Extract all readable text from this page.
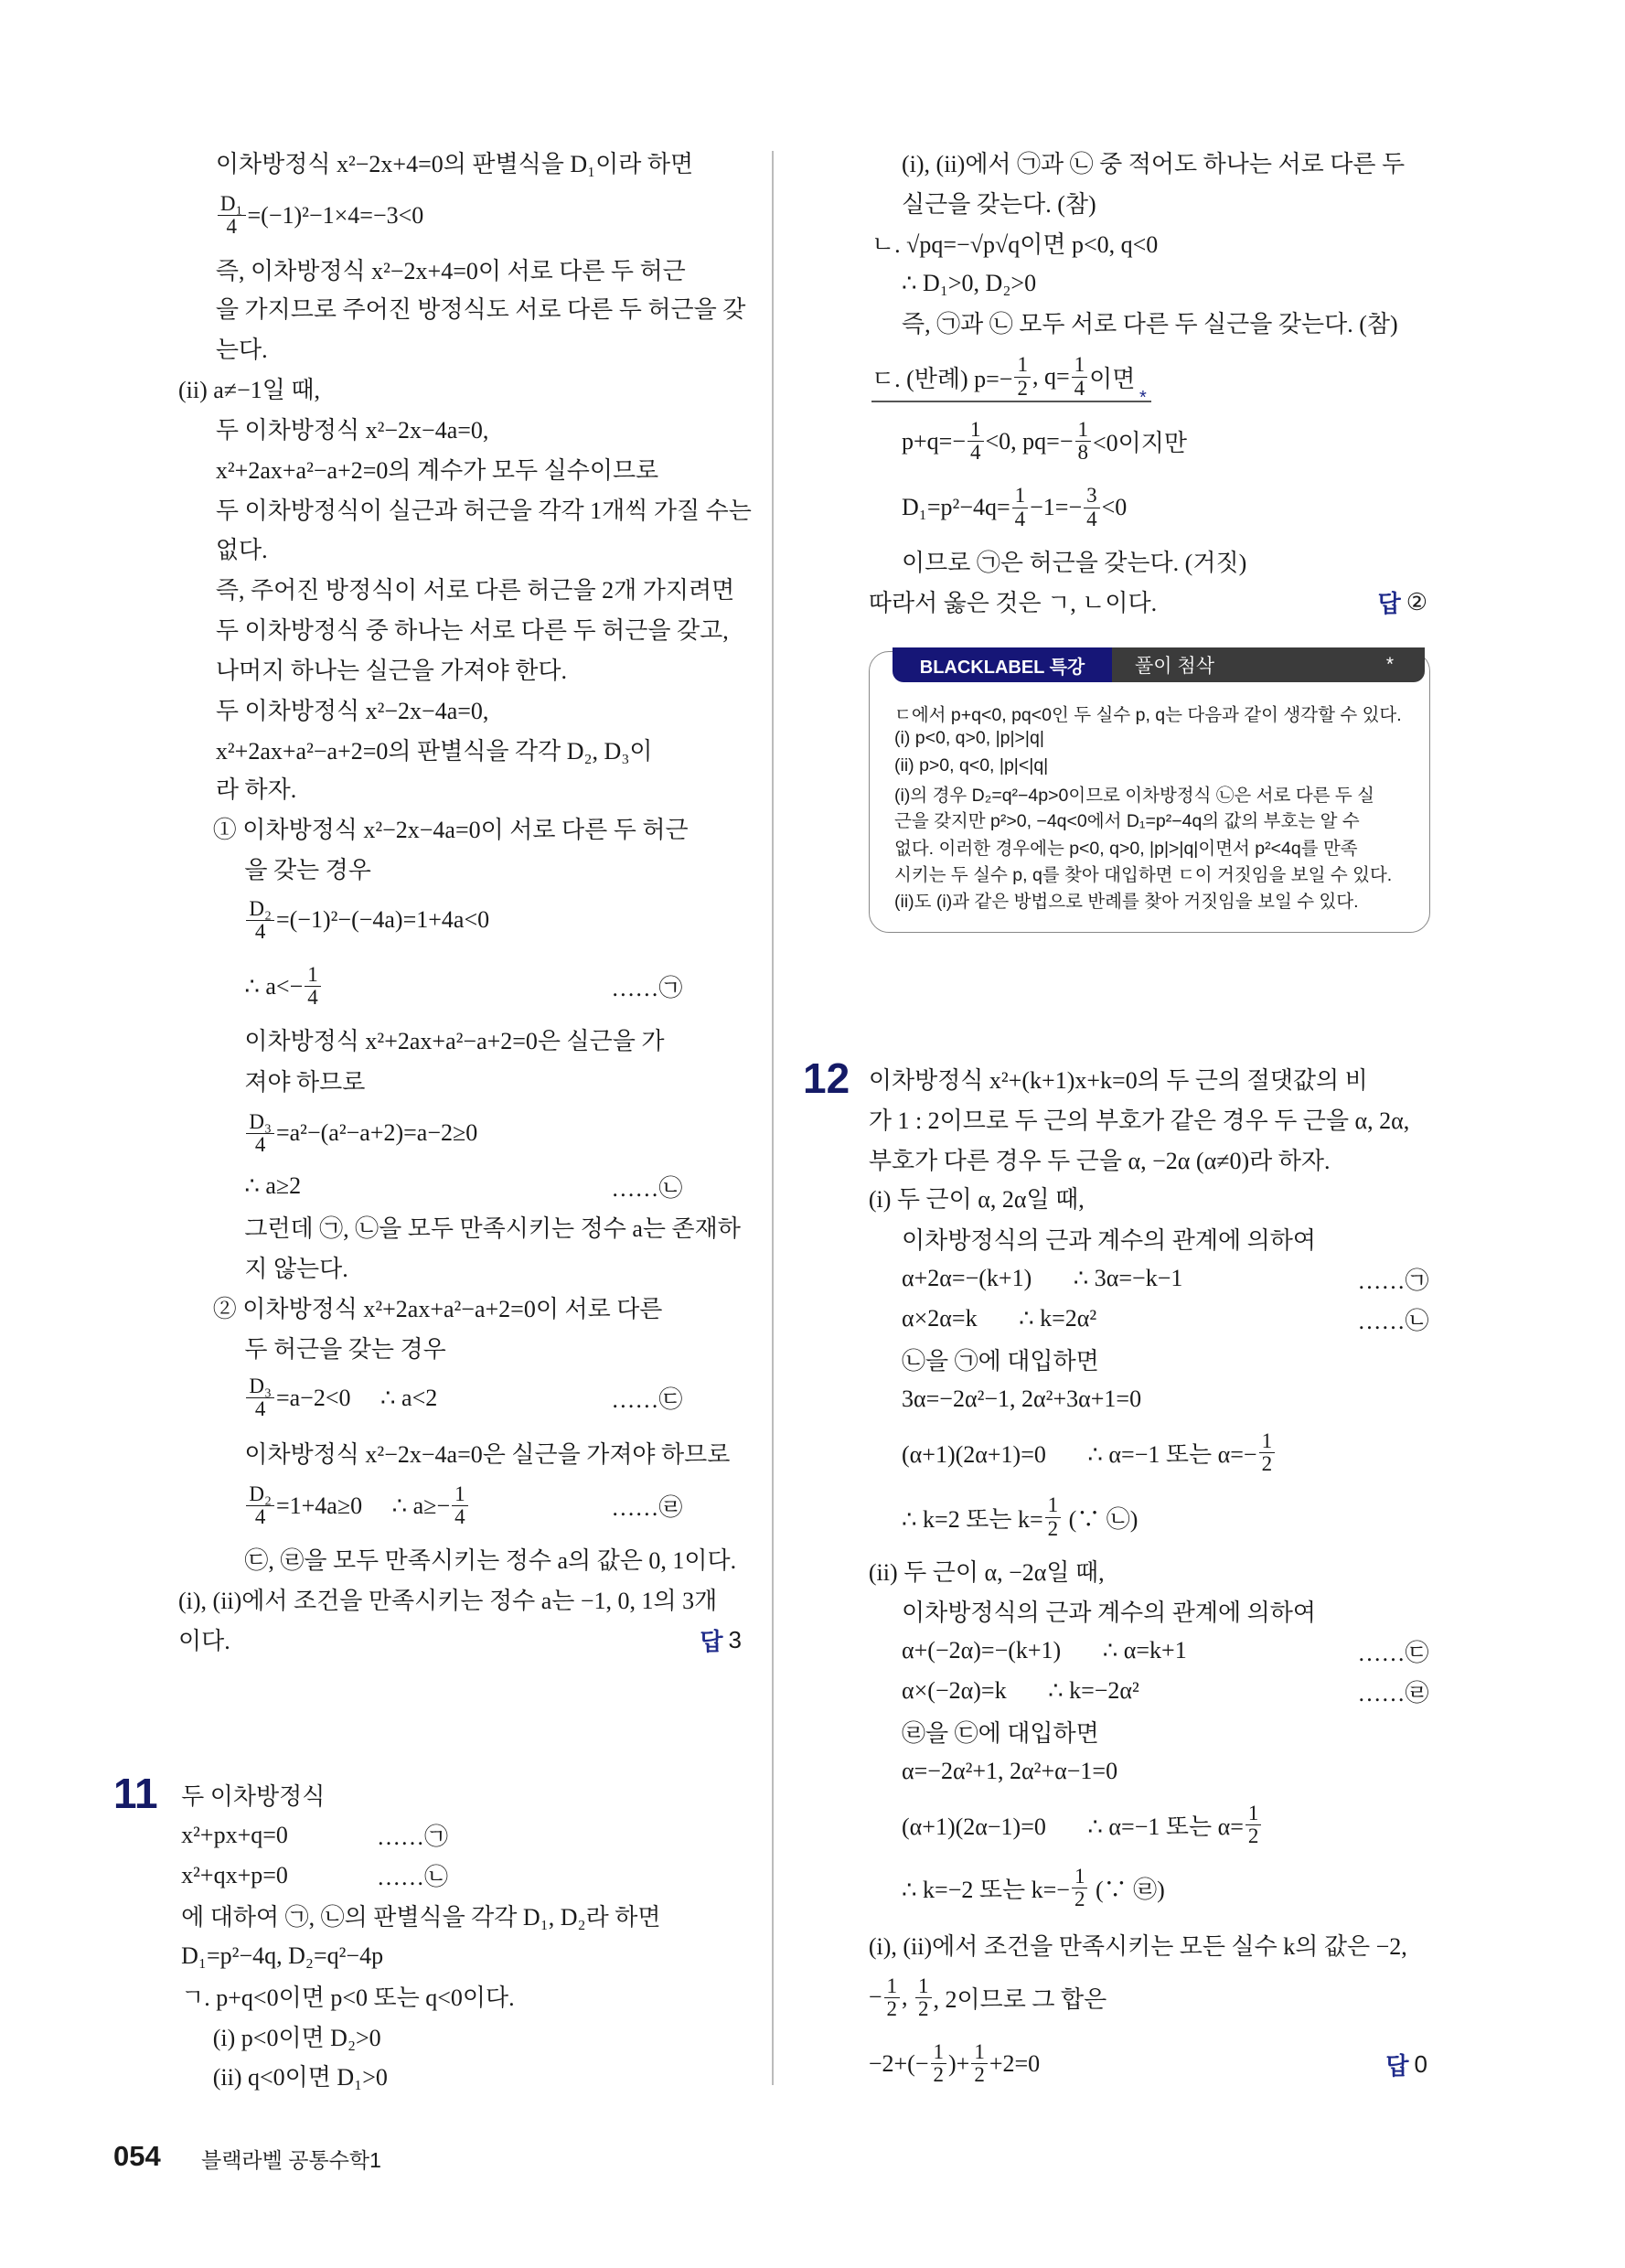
이차방정식 x²−2x+4=0의 판별식을 D₁이라 하면
$\frac{\text{D₁}}{4} =(-1)^2-1\times 4=-3<0$
즉, 이차방정식 x²−2x+4=0이 서로 다른 두 허근
을 가지므로 주어진 방정식도 서로 다른 두 허근을 갖
는다.
(ii) a≠−1일 때,
두 이차방정식 x²−2x−4a=0,
x²+2ax+a²−a+2=0의 계수가 모두 실수이므로
두 이차방정식이 실근과 허근을 각각 1개씩 가질 수는
없다.
즉, 주어진 방정식이 서로 다른 허근을 2개 가지려면
두 이차방정식 중 하나는 서로 다른 두 허근을 갖고,
나머지 하나는 실근을 가져야 한다.
두 이차방정식 x²−2x−4a=0,
x²+2ax+a²−a+2=0의 판별식을 각각 D₂, D₃이
라 하자.
① 이차방정식 x²−2x−4a=0이 서로 다른 두 허근
을 갖는 경우
$\frac{\text{D₂}}{4} =(-1)^2-(-4a)=1+4a<0$
∴ $a<- \frac{1}{4}$	……㉠
이차방정식 x²+2ax+a²−a+2=0은 실근을 가
져야 하므로
$\frac{\text{D₃}}{4} =a^2-(a^2-a+2)=a-2\ge 0$
∴ a≥2	……㉡
그런데 ㉠, ㉡을 모두 만족시키는 정수 a는 존재하
지 않는다.
② 이차방정식 x²+2ax+a²−a+2=0이 서로 다른
두 허근을 갖는 경우
$\frac{\text{D₃}}{4} =a-2<0$     ∴ a<2	……㉢
이차방정식 x²−2x−4a=0은 실근을 가져야 하므로
$\frac{\text{D₂}}{4} =1+4a\ge 0$     ∴ $a\ge- \frac{1}{4}$	……㉣
㉢, ㉣을 모두 만족시키는 정수 a의 값은 0, 1이다.
(i), (ii)에서 조건을 만족시키는 정수 a는 −1, 0, 1의 3개
이다.
두 이차방정식
x²+px+q=0	……㉠
x²+qx+p=0	……㉡
에 대하여 ㉠, ㉡의 판별식을 각각 D₁, D₂라 하면
D₁=p²−4q, D₂=q²−4p
ㄱ. p+q<0이면 p<0 또는 q<0이다.
(i) p<0이면 D₂>0
(ii) q<0이면 D₁>0
(i), (ii)에서 ㉠과 ㉡ 중 적어도 하나는 서로 다른 두
실근을 갖는다. (참)
ㄴ. √pq=−√p√q이면 p<0, q<0
∴ D₁>0, D₂>0
즉, ㉠과 ㉡ 모두 서로 다른 두 실근을 갖는다. (참)
ㄷ. (반례) $p=- \frac{1}{2}$ , $q= \frac{1}{4}$ 이면
$p+q=- \frac{1}{4} <0$, $pq=- \frac{1}{8} <0$이지만
$D_1=p^2-4q= \frac{1}{4} -1=- \frac{3}{4} <0$
이므로 ㉠은 허근을 갖는다. (거짓)
따라서 옳은 것은 ㄱ, ㄴ이다.
이차방정식 x²+(k+1)x+k=0의 두 근의 절댓값의 비
가 1 : 2이므로 두 근의 부호가 같은 경우 두 근을 α, 2α,
부호가 다른 경우 두 근을 α, −2α (α≠0)라 하자.
(i) 두 근이 α, 2α일 때,
이차방정식의 근과 계수의 관계에 의하여
α+2α=−(k+1)       ∴ 3α=−k−1	……㉠
α×2α=k       ∴ k=2α²	……㉡
㉡을 ㉠에 대입하면
3α=−2α²−1, 2α²+3α+1=0
(α+1)(2α+1)=0       ∴ α=−1 또는 $\alpha=- \frac{1}{2}$
∴ k=2 또는 $k= \frac{1}{2}$ (∵ ㉡)
(ii) 두 근이 α, −2α일 때,
이차방정식의 근과 계수의 관계에 의하여
α+(−2α)=−(k+1)       ∴ α=k+1	……㉢
α×(−2α)=k       ∴ k=−2α²	……㉣
㉣을 ㉢에 대입하면
α=−2α²+1, 2α²+α−1=0
(α+1)(2α−1)=0       ∴ α=−1 또는 $\alpha= \frac{1}{2}$
∴ k=−2 또는 $k=- \frac{1}{2}$ (∵ ㉣)
(i), (ii)에서 조건을 만족시키는 모든 실수 k의 값은 −2,
− $\frac{1}{2}$ , $\frac{1}{2}$ , 2이므로 그 합은
$-2+(- \frac{1}{2}$ )+ $\frac{1}{2} +2=0$
11
12
*
답 3
답 ②
답 0
BLACKLABEL 특강	풀이 첨삭	*
ㄷ에서 p+q<0, pq<0인 두 실수 p, q는 다음과 같이 생각할 수 있다.
(i) p<0, q>0, |p|>|q|
(ii) p>0, q<0, |p|<|q|
(i)의 경우 D₂=q²−4p>0이므로 이차방정식 ㉡은 서로 다른 두 실
근을 갖지만 p²>0, −4q<0에서 D₁=p²−4q의 값의 부호는 알 수
없다. 이러한 경우에는 p<0, q>0, |p|>|q|이면서 p²<4q를 만족
시키는 두 실수 p, q를 찾아 대입하면 ㄷ이 거짓임을 보일 수 있다.
(ii)도 (i)과 같은 방법으로 반례를 찾아 거짓임을 보일 수 있다.
054 블랙라벨 공통수학1
